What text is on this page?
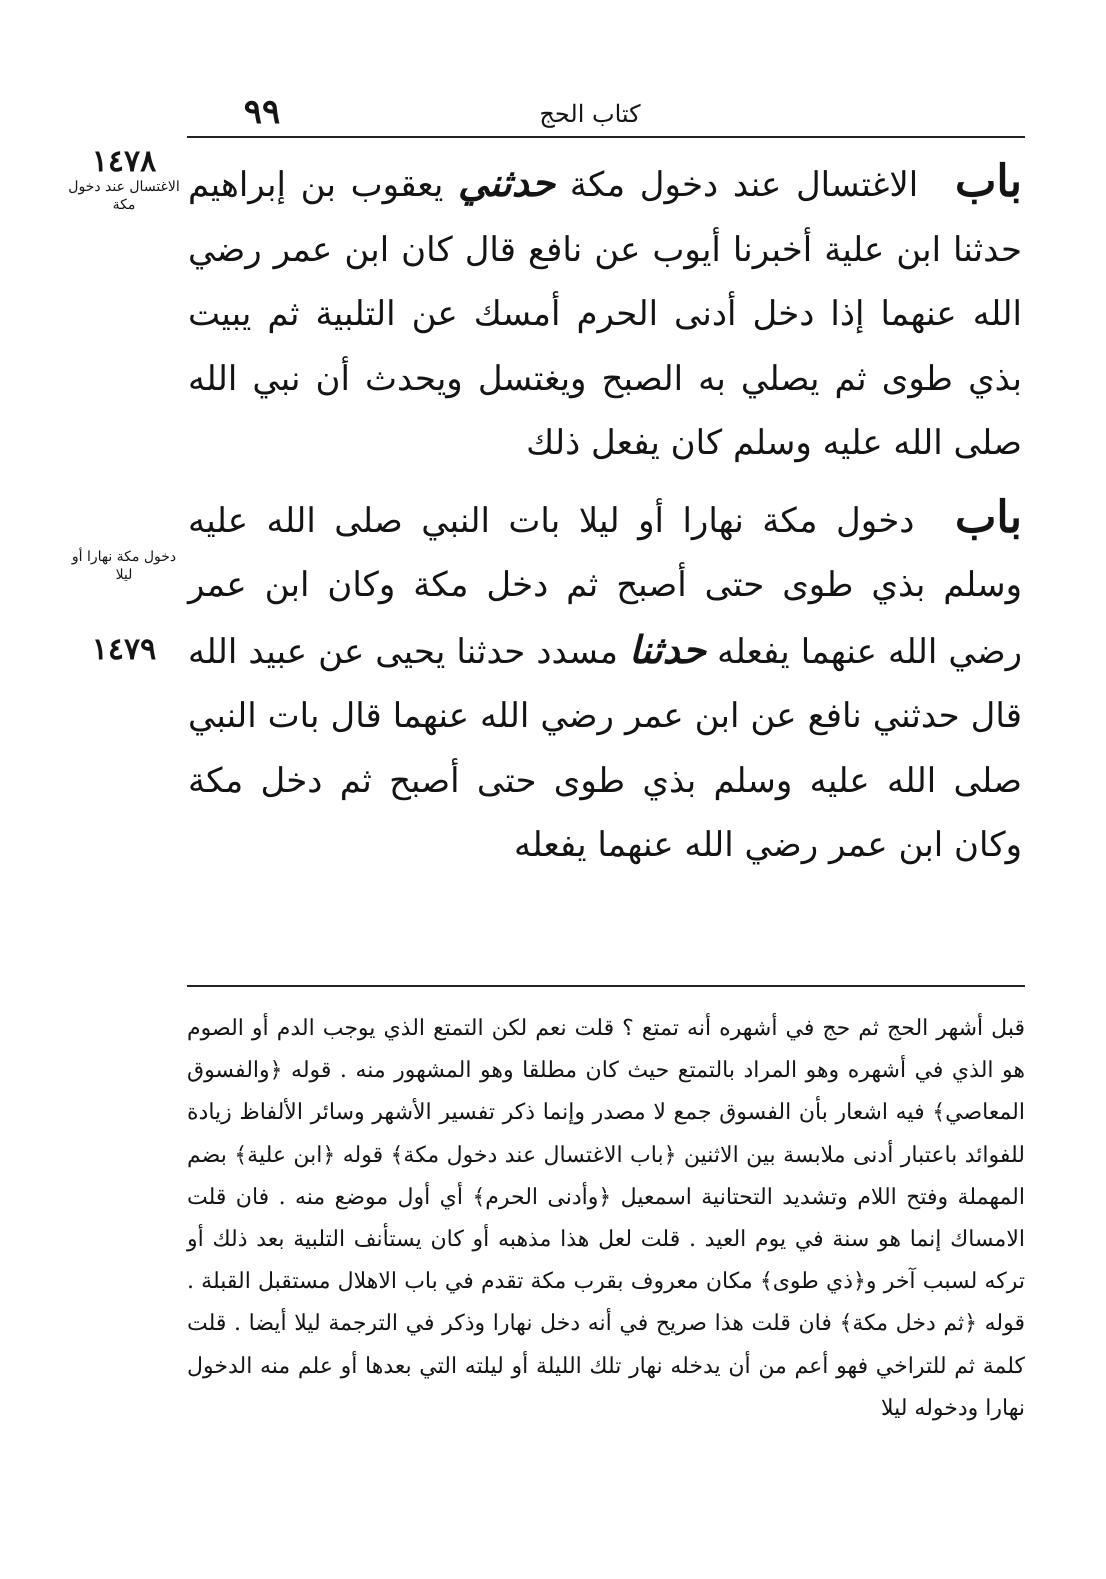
٩٩	كتاب الحج
١٤٧٨
الاغتسال عند دخول مكة
دخول مكة نهارا أو ليلا
١٤٧٩

باب الاغتسال عند دخول مكة حدثني يعقوب بن إبراهيم حدثنا ابن علية أخبرنا أيوب عن نافع قال كان ابن عمر رضي الله عنهما إذا دخل أدنى الحرم أمسك عن التلبية ثم يبيت بذي طوى ثم يصلي به الصبح ويغتسل ويحدث أن نبي الله صلى الله عليه وسلم كان يفعل ذلك

باب دخول مكة نهارا أو ليلا بات النبي صلى الله عليه وسلم بذي طوى حتى أصبح ثم دخل مكة وكان ابن عمر رضي الله عنهما يفعله حدثنا مسدد حدثنا يحيى عن عبيد الله قال حدثني نافع عن ابن عمر رضي الله عنهما قال بات النبي صلى الله عليه وسلم بذي طوى حتى أصبح ثم دخل مكة وكان ابن عمر رضي الله عنهما يفعله

قبل أشهر الحج ثم حج في أشهره أنه تمتع ؟ قلت نعم لكن التمتع الذي يوجب الدم أو الصوم هو الذي في أشهره وهو المراد بالتمتع حيث كان مطلقا وهو المشهور منه . قوله ﴿والفسوق المعاصي﴾ فيه اشعار بأن الفسوق جمع لا مصدر وإنما ذكر تفسير الأشهر وسائر الألفاظ زيادة للفوائد باعتبار أدنى ملابسة بين الاثنين ﴿باب الاغتسال عند دخول مكة﴾ قوله ﴿ابن علية﴾ بضم المهملة وفتح اللام وتشديد التحتانية اسمعيل ﴿وأدنى الحرم﴾ أي أول موضع منه . فان قلت الامساك إنما هو سنة في يوم العيد . قلت لعل هذا مذهبه أو كان يستأنف التلبية بعد ذلك أو تركه لسبب آخر و﴿ذي طوى﴾ مكان معروف بقرب مكة تقدم في باب الاهلال مستقبل القبلة . قوله ﴿ثم دخل مكة﴾ فان قلت هذا صريح في أنه دخل نهارا وذكر في الترجمة ليلا أيضا . قلت كلمة ثم للتراخي فهو أعم من أن يدخله نهار تلك الليلة أو ليلته التي بعدها أو علم منه الدخول نهارا ودخوله ليلا
